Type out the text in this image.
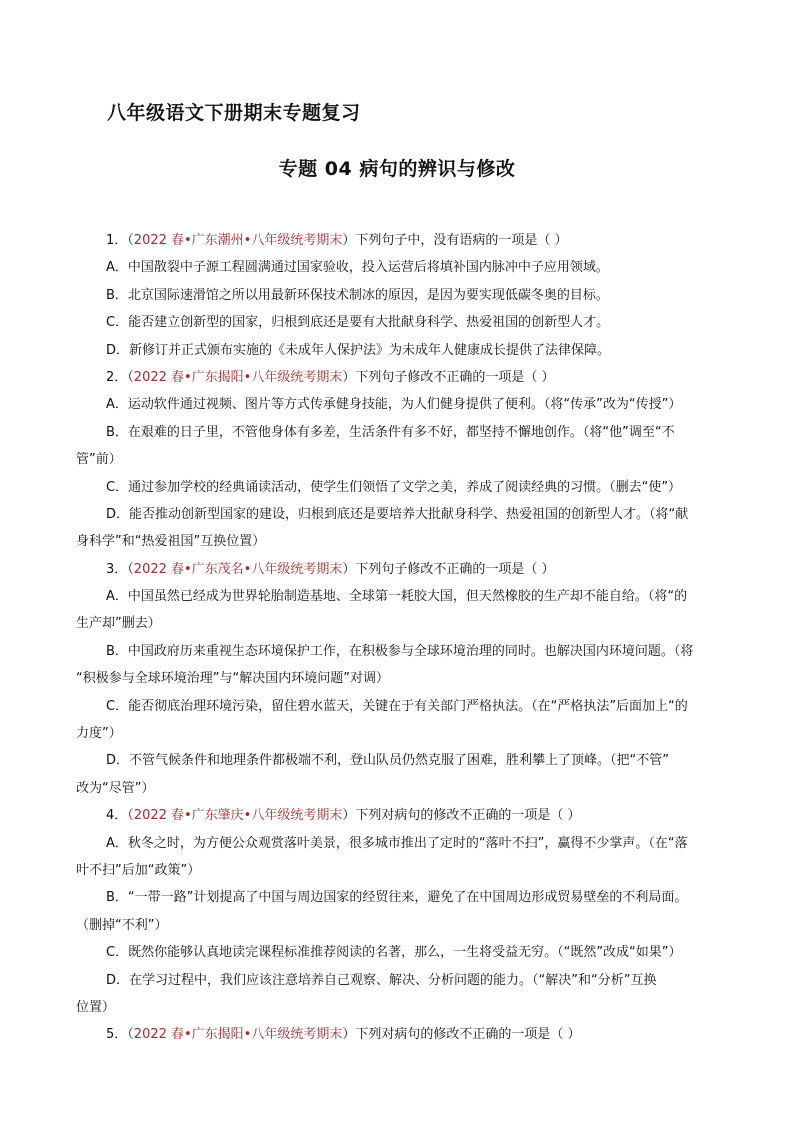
八年级语文下册期末专题复习
专题 04 病句的辨识与修改
1．（2022 春•广东潮州•八年级统考期末）下列句子中，没有语病的一项是（ ）
A．中国散裂中子源工程圆满通过国家验收，投入运营后将填补国内脉冲中子应用领域。
B．北京国际速滑馆之所以用最新环保技术制冰的原因，是因为要实现低碳冬奥的目标。
C．能否建立创新型的国家，归根到底还是要有大批献身科学、热爱祖国的创新型人才。
D．新修订并正式颁布实施的《未成年人保护法》为未成年人健康成长提供了法律保障。
2．（2022 春•广东揭阳•八年级统考期末）下列句子修改不正确的一项是（ ）
A．运动软件通过视频、图片等方式传承健身技能，为人们健身提供了便利。（将“传承”改为“传授”）
B．在艰难的日子里，不管他身体有多差，生活条件有多不好，都坚持不懈地创作。（将“他”调至“不
管”前）
C．通过参加学校的经典诵读活动，使学生们领悟了文学之美，养成了阅读经典的习惯。（删去“使”）
D．能否推动创新型国家的建设，归根到底还是要培养大批献身科学、热爱祖国的创新型人才。（将“献
身科学”和“热爱祖国”互换位置）
3．（2022 春•广东茂名•八年级统考期末）下列句子修改不正确的一项是（ ）
A．中国虽然已经成为世界轮胎制造基地、全球第一耗胶大国，但天然橡胶的生产却不能自给。（将“的
生产却”删去）
B．中国政府历来重视生态环境保护工作，在积极参与全球环境治理的同时。也解决国内环境问题。（将
“积极参与全球环境治理”与“解决国内环境问题”对调）
C．能否彻底治理环境污染，留住碧水蓝天，关键在于有关部门严格执法。（在“严格执法”后面加上“的
力度”）
D．不管气候条件和地理条件都极端不利，登山队员仍然克服了困难，胜利攀上了顶峰。（把“不管”
改为“尽管”）
4．（2022 春•广东肇庆•八年级统考期末）下列对病句的修改不正确的一项是（ ）
A．秋冬之时，为方便公众观赏落叶美景，很多城市推出了定时的“落叶不扫”，赢得不少掌声。（在“落
叶不扫”后加“政策”）
B．“一带一路”计划提高了中国与周边国家的经贸往来，避免了在中国周边形成贸易壁垒的不利局面。
（删掉“不利”）
C．既然你能够认真地读完课程标准推荐阅读的名著，那么，一生将受益无穷。（“既然”改成“如果”）
D．在学习过程中，我们应该注意培养自己观察、解决、分析问题的能力。（“解决”和“分析”互换
位置）
5．（2022 春•广东揭阳•八年级统考期末）下列对病句的修改不正确的一项是（ ）
